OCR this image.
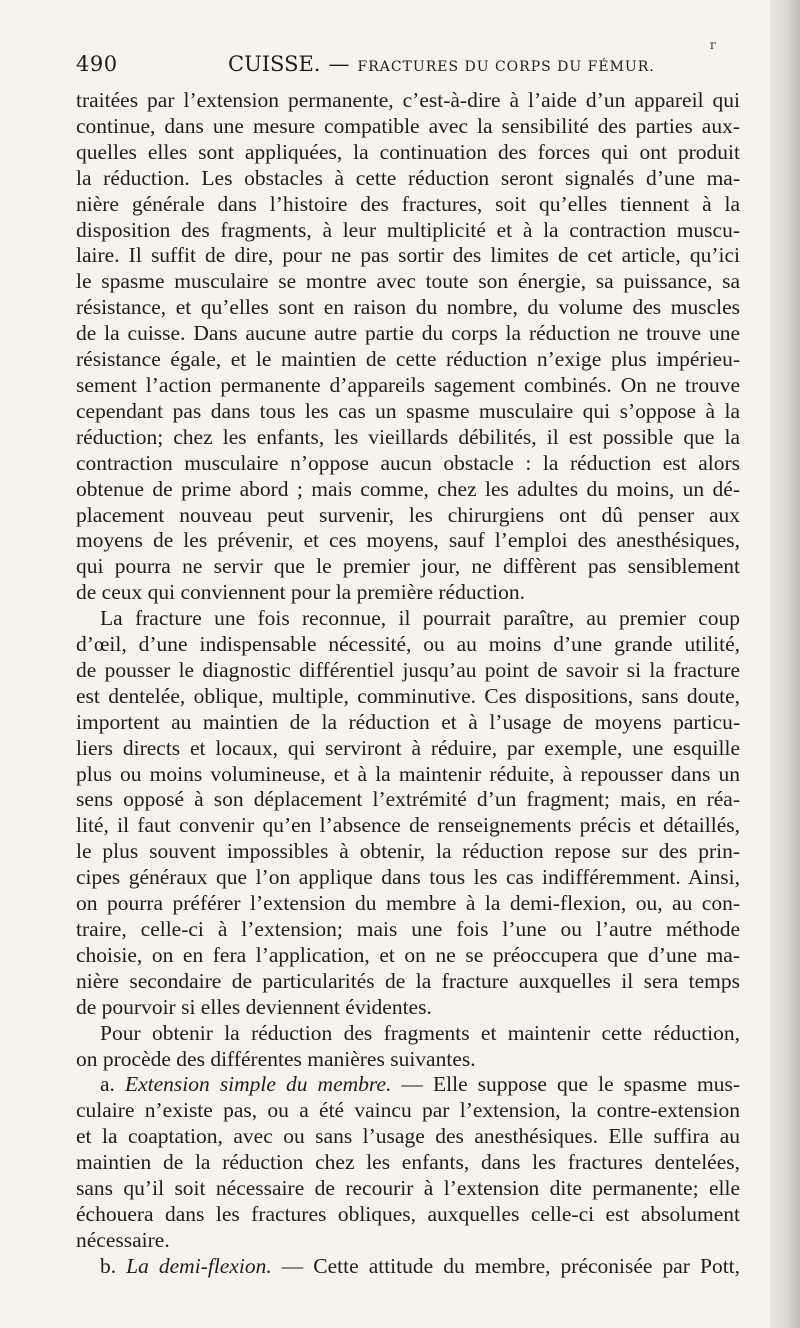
490	CUISSE. — FRACTURES DU CORPS DU FÉMUR.
ᴦ
traitées par l’extension permanente, c’est-à-dire à l’aide d’un appareil qui
continue, dans une mesure compatible avec la sensibilité des parties aux-
quelles elles sont appliquées, la continuation des forces qui ont produit
la réduction. Les obstacles à cette réduction seront signalés d’une ma-
nière générale dans l’histoire des fractures, soit qu’elles tiennent à la
disposition des fragments, à leur multiplicité et à la contraction muscu-
laire. Il suffit de dire, pour ne pas sortir des limites de cet article, qu’ici
le spasme musculaire se montre avec toute son énergie, sa puissance, sa
résistance, et qu’elles sont en raison du nombre, du volume des muscles
de la cuisse. Dans aucune autre partie du corps la réduction ne trouve une
résistance égale, et le maintien de cette réduction n’exige plus impérieu-
sement l’action permanente d’appareils sagement combinés. On ne trouve
cependant pas dans tous les cas un spasme musculaire qui s’oppose à la
réduction; chez les enfants, les vieillards débilités, il est possible que la
contraction musculaire n’oppose aucun obstacle : la réduction est alors
obtenue de prime abord ; mais comme, chez les adultes du moins, un dé-
placement nouveau peut survenir, les chirurgiens ont dû penser aux
moyens de les prévenir, et ces moyens, sauf l’emploi des anesthésiques,
qui pourra ne servir que le premier jour, ne diffèrent pas sensiblement
de ceux qui conviennent pour la première réduction.
La fracture une fois reconnue, il pourrait paraître, au premier coup
d’œil, d’une indispensable nécessité, ou au moins d’une grande utilité,
de pousser le diagnostic différentiel jusqu’au point de savoir si la fracture
est dentelée, oblique, multiple, comminutive. Ces dispositions, sans doute,
importent au maintien de la réduction et à l’usage de moyens particu-
liers directs et locaux, qui serviront à réduire, par exemple, une esquille
plus ou moins volumineuse, et à la maintenir réduite, à repousser dans un
sens opposé à son déplacement l’extrémité d’un fragment; mais, en réa-
lité, il faut convenir qu’en l’absence de renseignements précis et détaillés,
le plus souvent impossibles à obtenir, la réduction repose sur des prin-
cipes généraux que l’on applique dans tous les cas indifféremment. Ainsi,
on pourra préférer l’extension du membre à la demi-flexion, ou, au con-
traire, celle-ci à l’extension; mais une fois l’une ou l’autre méthode
choisie, on en fera l’application, et on ne se préoccupera que d’une ma-
nière secondaire de particularités de la fracture auxquelles il sera temps
de pourvoir si elles deviennent évidentes.
Pour obtenir la réduction des fragments et maintenir cette réduction,
on procède des différentes manières suivantes.
a. Extension simple du membre. — Elle suppose que le spasme mus-
culaire n’existe pas, ou a été vaincu par l’extension, la contre-extension
et la coaptation, avec ou sans l’usage des anesthésiques. Elle suffira au
maintien de la réduction chez les enfants, dans les fractures dentelées,
sans qu’il soit nécessaire de recourir à l’extension dite permanente; elle
échouera dans les fractures obliques, auxquelles celle-ci est absolument
nécessaire.
b. La demi-flexion. — Cette attitude du membre, préconisée par Pott,
